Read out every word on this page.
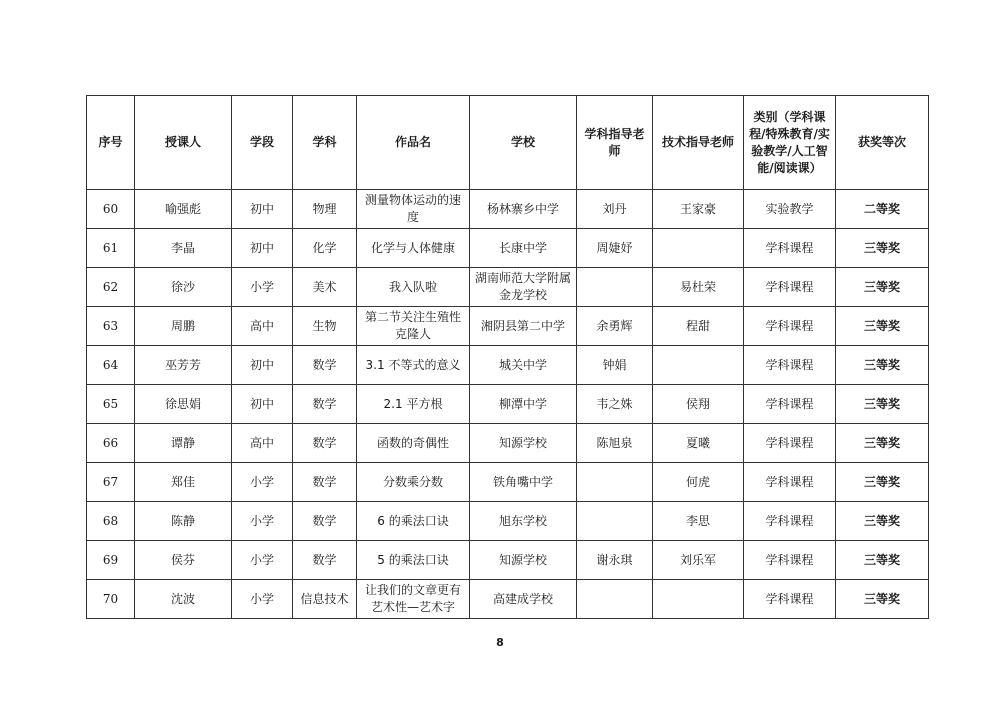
序号	授课人	学段	学科	作品名	学校	学科指导老师	技术指导老师	类别（学科课程/特殊教育/实验教学/人工智能/阅读课）	获奖等次
60	喻强彪	初中	物理	测量物体运动的速度	杨林寨乡中学	刘丹	王家豪	实验教学	二等奖
61	李晶	初中	化学	化学与人体健康	长康中学	周婕妤		学科课程	三等奖
62	徐沙	小学	美术	我入队啦	湖南师范大学附属金龙学校		易杜荣	学科课程	三等奖
63	周鹏	高中	生物	第二节关注生殖性克隆人	湘阴县第二中学	余勇辉	程甜	学科课程	三等奖
64	巫芳芳	初中	数学	3.1 不等式的意义	城关中学	钟娟		学科课程	三等奖
65	徐思娟	初中	数学	2.1 平方根	柳潭中学	韦之姝	侯翔	学科课程	三等奖
66	谭静	高中	数学	函数的奇偶性	知源学校	陈旭泉	夏曦	学科课程	三等奖
67	郑佳	小学	数学	分数乘分数	铁角嘴中学		何虎	学科课程	三等奖
68	陈静	小学	数学	6 的乘法口诀	旭东学校		李思	学科课程	三等奖
69	侯芬	小学	数学	5 的乘法口诀	知源学校	谢永琪	刘乐军	学科课程	三等奖
70	沈波	小学	信息技术	让我们的文章更有艺术性—艺术字	高建成学校			学科课程	三等奖
8
